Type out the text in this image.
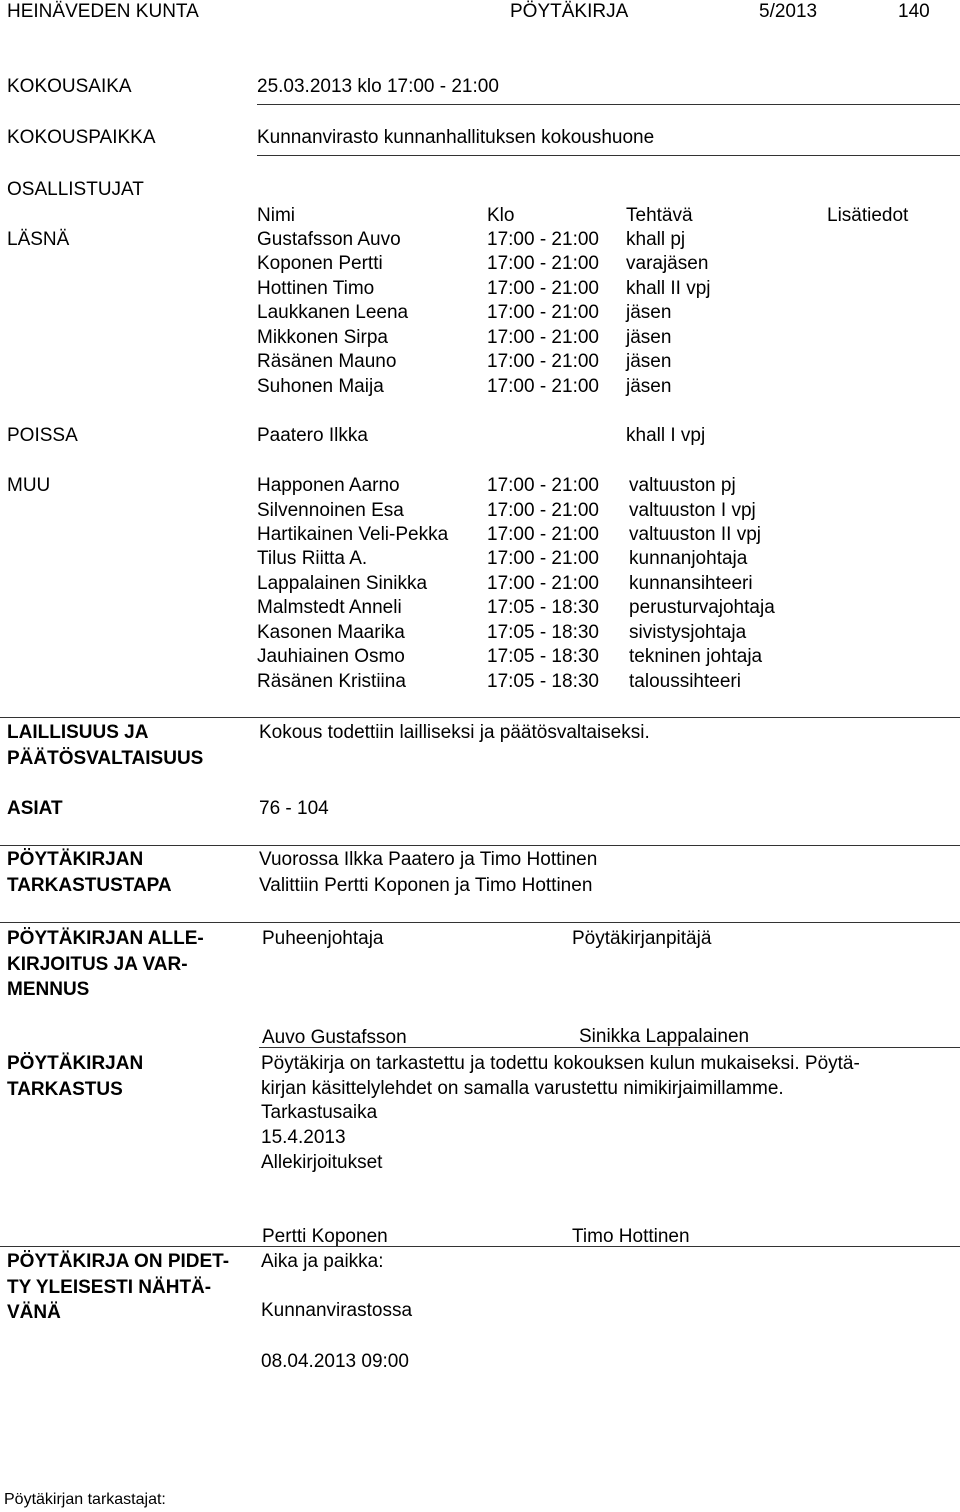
HEINÄVEDEN KUNTA	PÖYTÄKIRJA	5/2013	140
KOKOUSAIKA	25.03.2013 klo 17:00 - 21:00
KOKOUSPAIKKA	Kunnanvirasto kunnanhallituksen kokoushuone
OSALLISTUJAT
Nimi	Klo	Tehtävä	Lisätiedot
LÄSNÄ	Gustafsson Auvo	17:00 - 21:00 khall pj
Koponen Pertti	17:00 - 21:00 varajäsen
Hottinen Timo	17:00 - 21:00 khall II vpj
Laukkanen Leena	17:00 - 21:00 jäsen
Mikkonen Sirpa	17:00 - 21:00 jäsen
Räsänen Mauno	17:00 - 21:00 jäsen
Suhonen Maija	17:00 - 21:00 jäsen
POISSA	Paatero Ilkka	khall I vpj
MUU	Happonen Aarno	17:00 - 21:00 valtuuston pj
Silvennoinen Esa	17:00 - 21:00 valtuuston I vpj
Hartikainen Veli-Pekka 17:00 - 21:00 valtuuston II vpj
Tilus Riitta A.	17:00 - 21:00 kunnanjohtaja
Lappalainen Sinikka	17:00 - 21:00 kunnansihteeri
Malmstedt Anneli	17:05 - 18:30 perusturvajohtaja
Kasonen Maarika	17:05 - 18:30 sivistysjohtaja
Jauhiainen Osmo	17:05 - 18:30 tekninen johtaja
Räsänen Kristiina	17:05 - 18:30 taloussihteeri
LAILLISUUS JA
PÄÄTÖSVALTAISUUS
Kokous todettiin lailliseksi ja päätösvaltaiseksi.
ASIAT	76 - 104
PÖYTÄKIRJAN
TARKASTUSTAPA
Vuorossa Ilkka Paatero ja Timo Hottinen
Valittiin Pertti Koponen ja Timo Hottinen
PÖYTÄKIRJAN ALLE-
KIRJOITUS JA VAR-
MENNUS
Puheenjohtaja	Pöytäkirjanpitäjä
Auvo Gustafsson	Sinikka Lappalainen
PÖYTÄKIRJAN
TARKASTUS
Pöytäkirja on tarkastettu ja todettu kokouksen kulun mukaiseksi. Pöytä-
kirjan käsittelylehdet on samalla varustettu nimikirjaimillamme.
Tarkastusaika
15.4.2013
Allekirjoitukset
Pertti Koponen	Timo Hottinen
PÖYTÄKIRJA ON PIDET-
TY YLEISESTI NÄHTÄ-
VÄNÄ
Aika ja paikka:
Kunnanvirastossa
08.04.2013 09:00
Pöytäkirjan tarkastajat:
